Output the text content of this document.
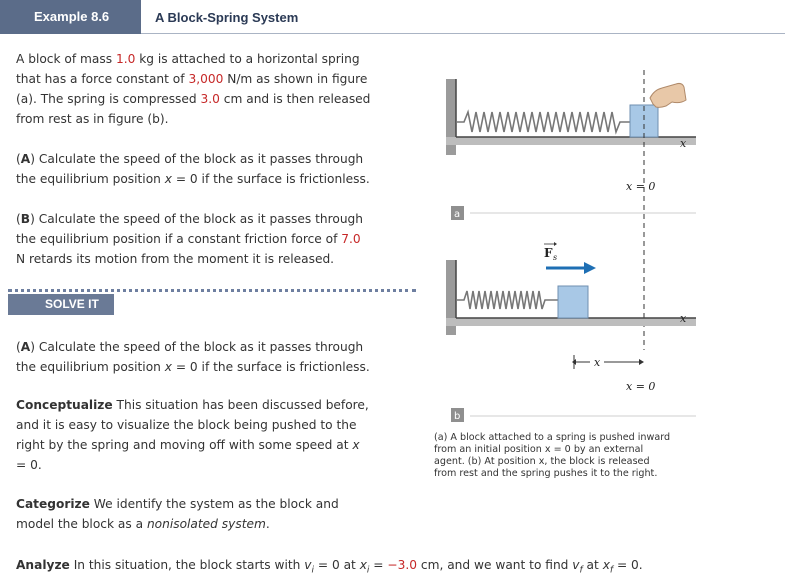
Example 8.6	A Block-Spring System
A block of mass 1.0 kg is attached to a horizontal spring
that has a force constant of 3,000 N/m as shown in figure
(a). The spring is compressed 3.0 cm and is then released
from rest as in figure (b).
(A) Calculate the speed of the block as it passes through
the equilibrium position x = 0 if the surface is frictionless.
(B) Calculate the speed of the block as it passes through
the equilibrium position if a constant friction force of 7.0
N retards its motion from the moment it is released.
SOLVE IT
(A) Calculate the speed of the block as it passes through
the equilibrium position x = 0 if the surface is frictionless.
Conceptualize This situation has been discussed before,
and it is easy to visualize the block being pushed to the
right by the spring and moving off with some speed at x
= 0.
Categorize We identify the system as the block and
model the block as a nonisolated system.
Analyze In this situation, the block starts with $v_i = 0$ at $x_i = -3.0$ cm, and we want to find $v_f$ at $x_f = 0$.
x
x = 0
a
F s
x
x
x = 0
b
(a) A block attached to a spring is pushed inward
from an initial position x = 0 by an external
agent. (b) At position x, the block is released
from rest and the spring pushes it to the right.
